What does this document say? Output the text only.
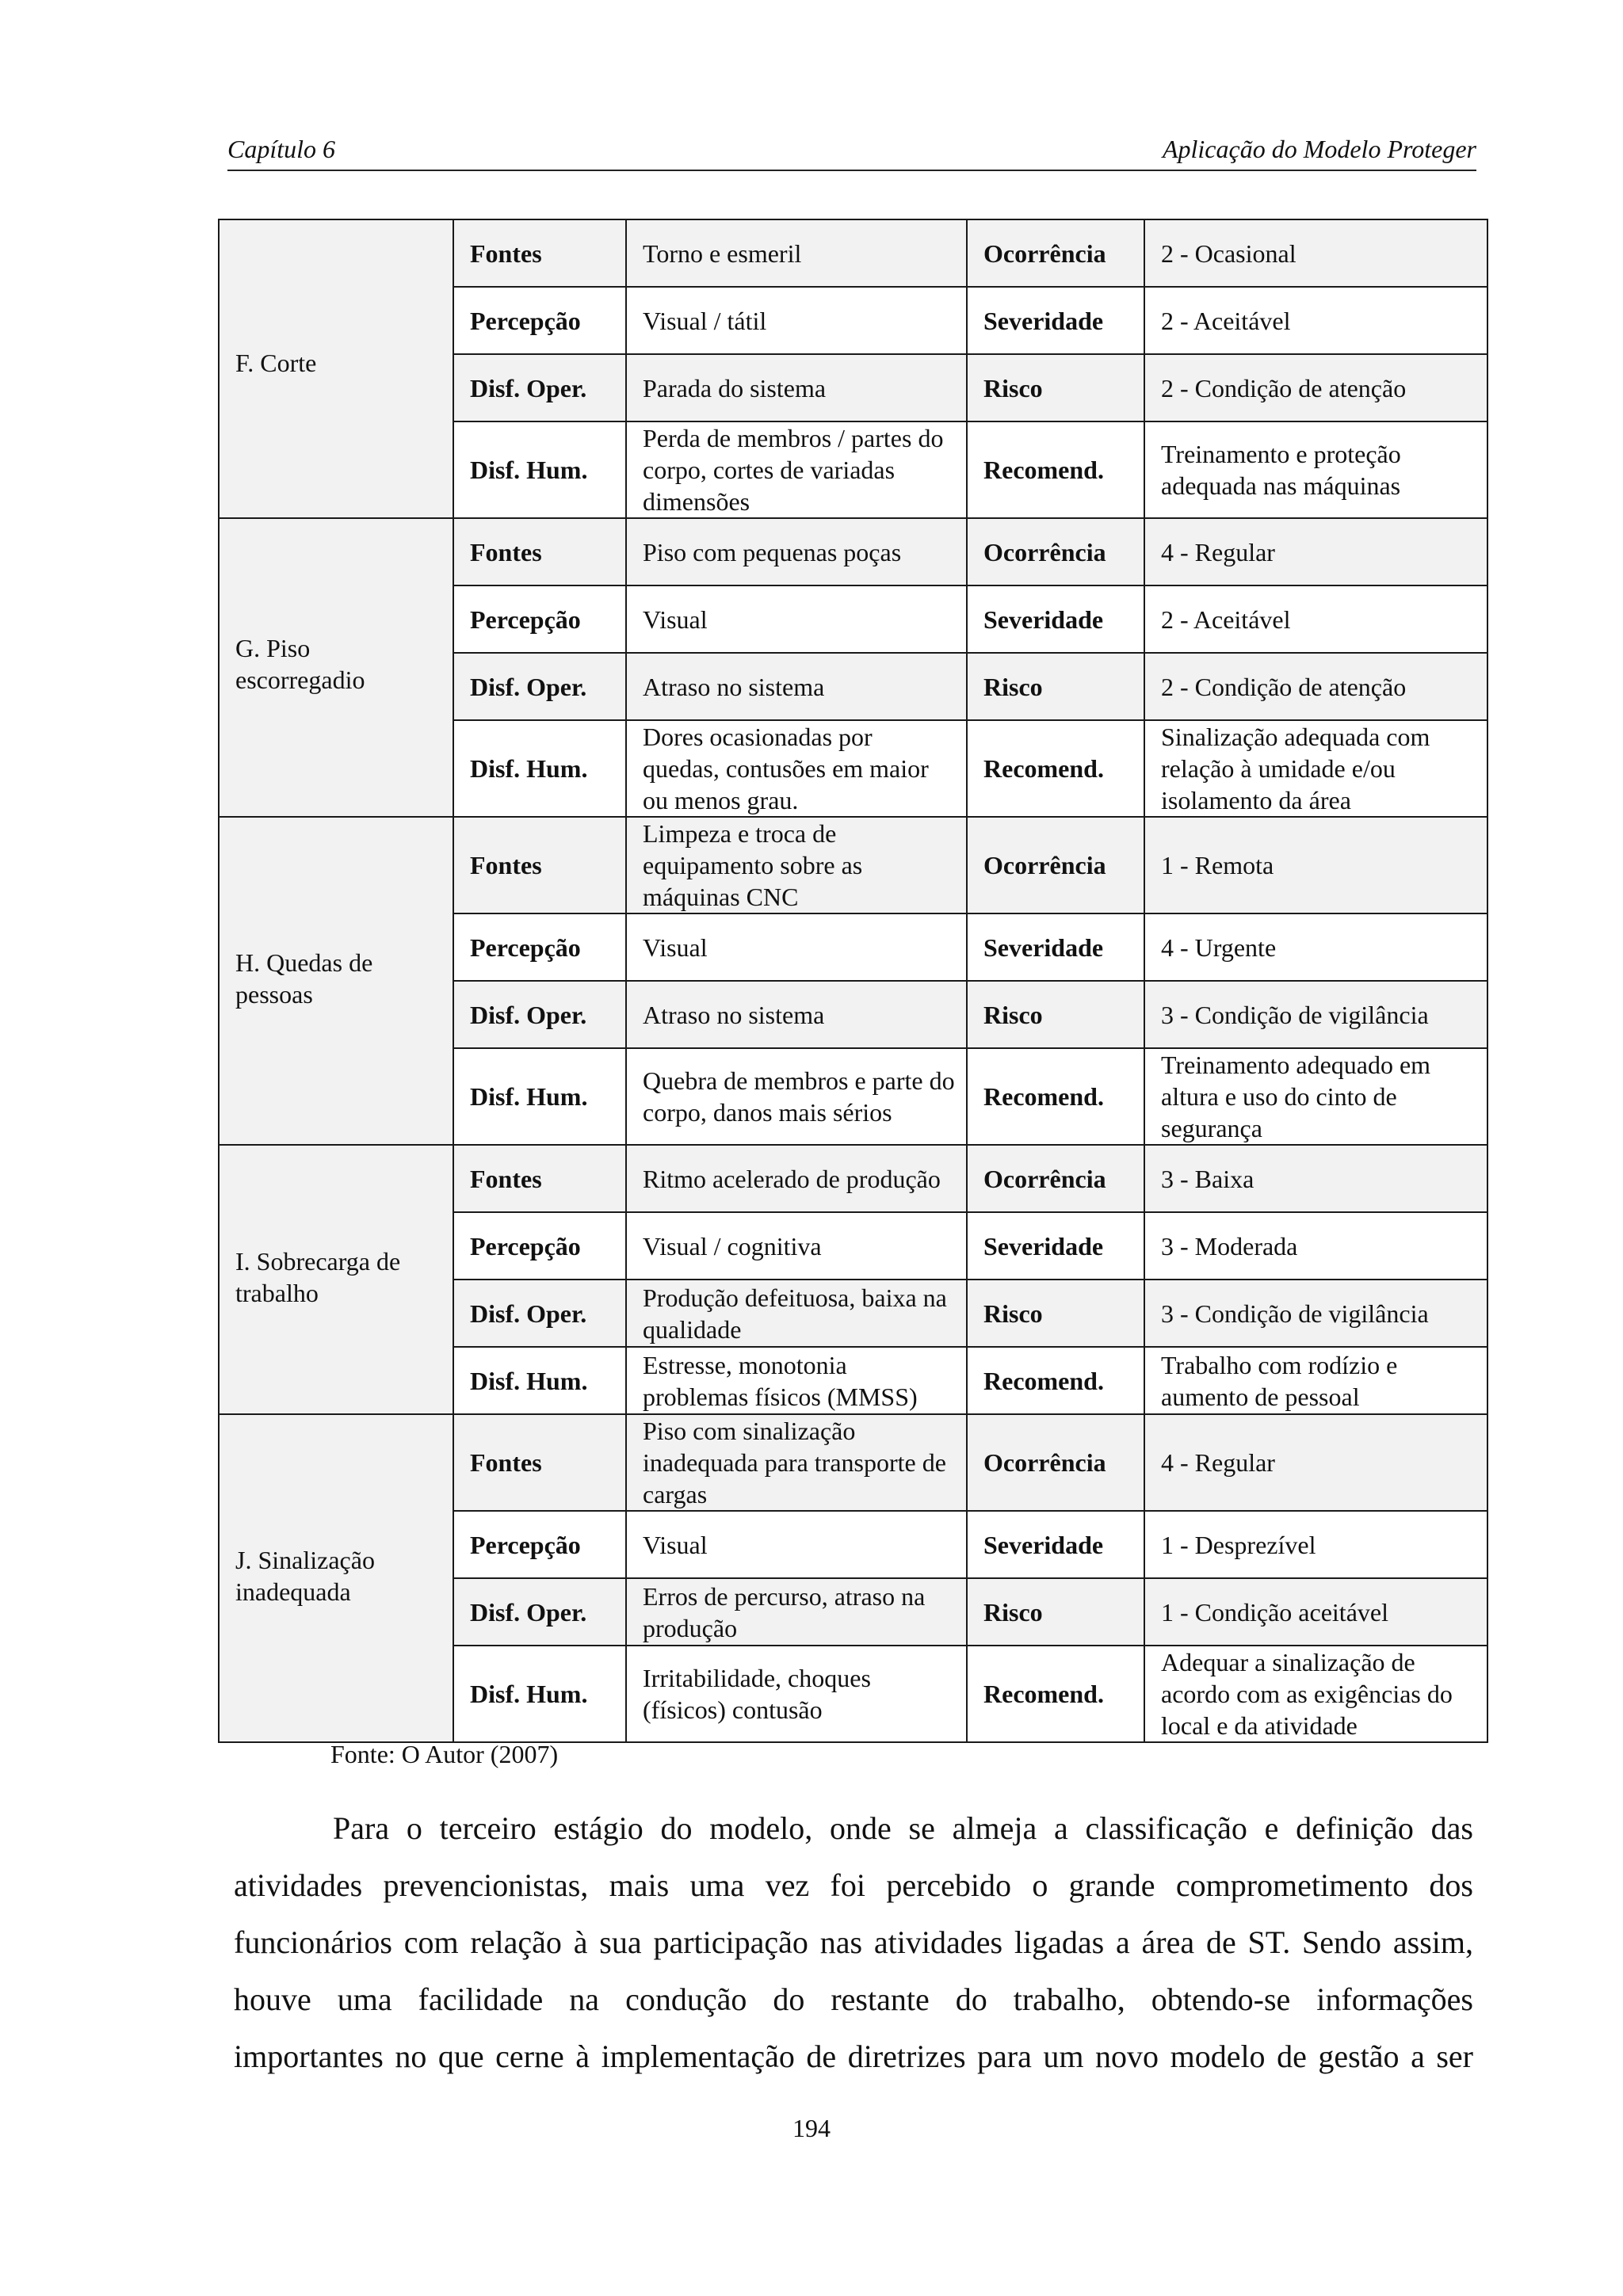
Capítulo 6	Aplicação do Modelo Proteger
F. Corte	Fontes	Torno e esmeril	Ocorrência	2 - Ocasional
	Percepção	Visual / tátil	Severidade	2 - Aceitável
	Disf. Oper.	Parada do sistema	Risco	2 - Condição de atenção
	Disf. Hum.	Perda de membros / partes do corpo, cortes de variadas dimensões	Recomend.	Treinamento e proteção adequada nas máquinas

G. Piso escorregadio	Fontes	Piso com pequenas poças	Ocorrência	4 - Regular
	Percepção	Visual	Severidade	2 - Aceitável
	Disf. Oper.	Atraso no sistema	Risco	2 - Condição de atenção
	Disf. Hum.	Dores ocasionadas por quedas, contusões em maior ou menos grau.	Recomend.	Sinalização adequada com relação à umidade e/ou isolamento da área

H. Quedas de pessoas	Fontes	Limpeza e troca de equipamento sobre as máquinas CNC	Ocorrência	1 - Remota
	Percepção	Visual	Severidade	4 - Urgente
	Disf. Oper.	Atraso no sistema	Risco	3 - Condição de vigilância
	Disf. Hum.	Quebra de membros e parte do corpo, danos mais sérios	Recomend.	Treinamento adequado em altura e uso do cinto de segurança

I. Sobrecarga de trabalho	Fontes	Ritmo acelerado de produção	Ocorrência	3 - Baixa
	Percepção	Visual / cognitiva	Severidade	3 - Moderada
	Disf. Oper.	Produção defeituosa, baixa na qualidade	Risco	3 - Condição de vigilância
	Disf. Hum.	Estresse, monotonia problemas físicos (MMSS)	Recomend.	Trabalho com rodízio e aumento de pessoal

J. Sinalização inadequada	Fontes	Piso com sinalização inadequada para transporte de cargas	Ocorrência	4 - Regular
	Percepção	Visual	Severidade	1 - Desprezível
	Disf. Oper.	Erros de percurso, atraso na produção	Risco	1 - Condição aceitável
	Disf. Hum.	Irritabilidade, choques (físicos) contusão	Recomend.	Adequar a sinalização de acordo com as exigências do local e da atividade
Fonte: O Autor (2007)
Para o terceiro estágio do modelo, onde se almeja a classificação e definição das
atividades prevencionistas, mais uma vez foi percebido o grande comprometimento dos
funcionários com relação à sua participação nas atividades ligadas a área de ST. Sendo assim,
houve uma facilidade na condução do restante do trabalho, obtendo-se informações
importantes no que cerne à implementação de diretrizes para um novo modelo de gestão a ser
194
